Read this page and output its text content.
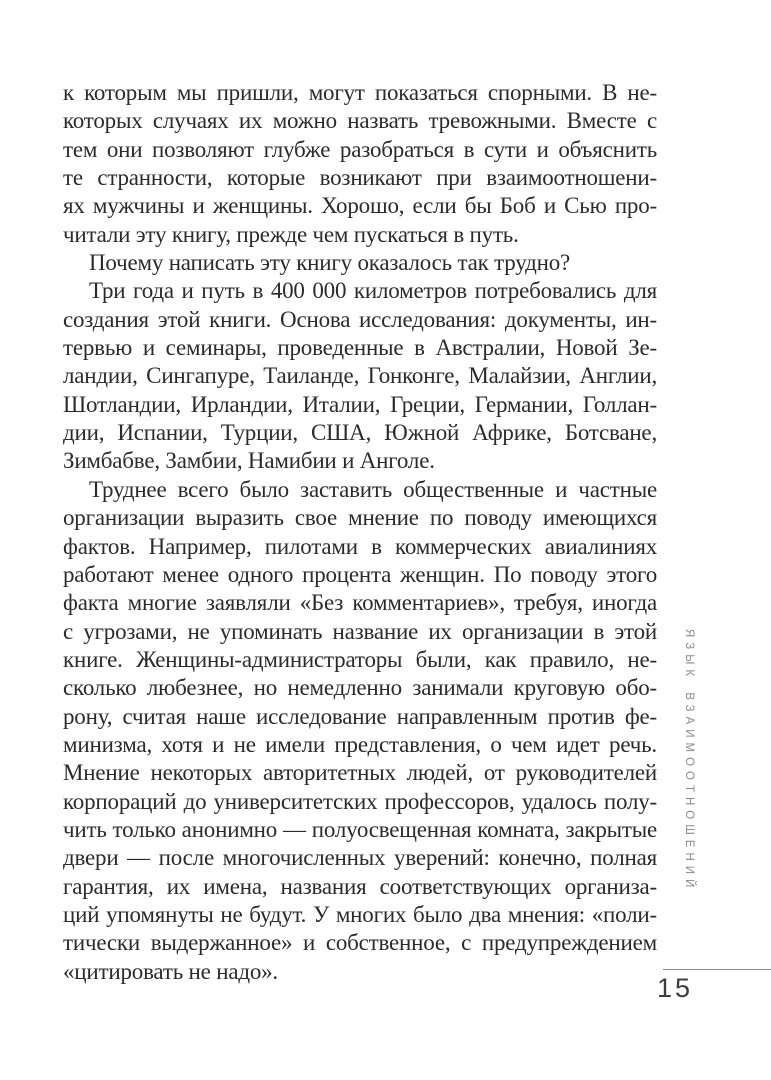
к которым мы пришли, могут показаться спорными. В не-
которых случаях их можно назвать тревожными. Вместе с
тем они позволяют глубже разобраться в сути и объяснить
те странности, которые возникают при взаимоотношени-
ях мужчины и женщины. Хорошо, если бы Боб и Сью про-
читали эту книгу, прежде чем пускаться в путь.
Почему написать эту книгу оказалось так трудно?
Три года и путь в 400 000 километров потребовались для
создания этой книги. Основа исследования: документы, ин-
тервью и семинары, проведенные в Австралии, Новой Зе-
ландии, Сингапуре, Таиланде, Гонконге, Малайзии, Англии,
Шотландии, Ирландии, Италии, Греции, Германии, Голлан-
дии, Испании, Турции, США, Южной Африке, Ботсване,
Зимбабве, Замбии, Намибии и Анголе.
Труднее всего было заставить общественные и частные
организации выразить свое мнение по поводу имеющихся
фактов. Например, пилотами в коммерческих авиалиниях
работают менее одного процента женщин. По поводу этого
факта многие заявляли «Без комментариев», требуя, иногда
с угрозами, не упоминать название их организации в этой
книге. Женщины-администраторы были, как правило, не-
сколько любезнее, но немедленно занимали круговую обо-
рону, считая наше исследование направленным против фе-
минизма, хотя и не имели представления, о чем идет речь.
Мнение некоторых авторитетных людей, от руководителей
корпораций до университетских профессоров, удалось полу-
чить только анонимно — полуосвещенная комната, закрытые
двери — после многочисленных уверений: конечно, полная
гарантия, их имена, названия соответствующих организа-
ций упомянуты не будут. У многих было два мнения: «поли-
тически выдержанное» и собственное, с предупреждением
«цитировать не надо».
ЯЗЫК ВЗАИМООТНОШЕНИЙ
15
